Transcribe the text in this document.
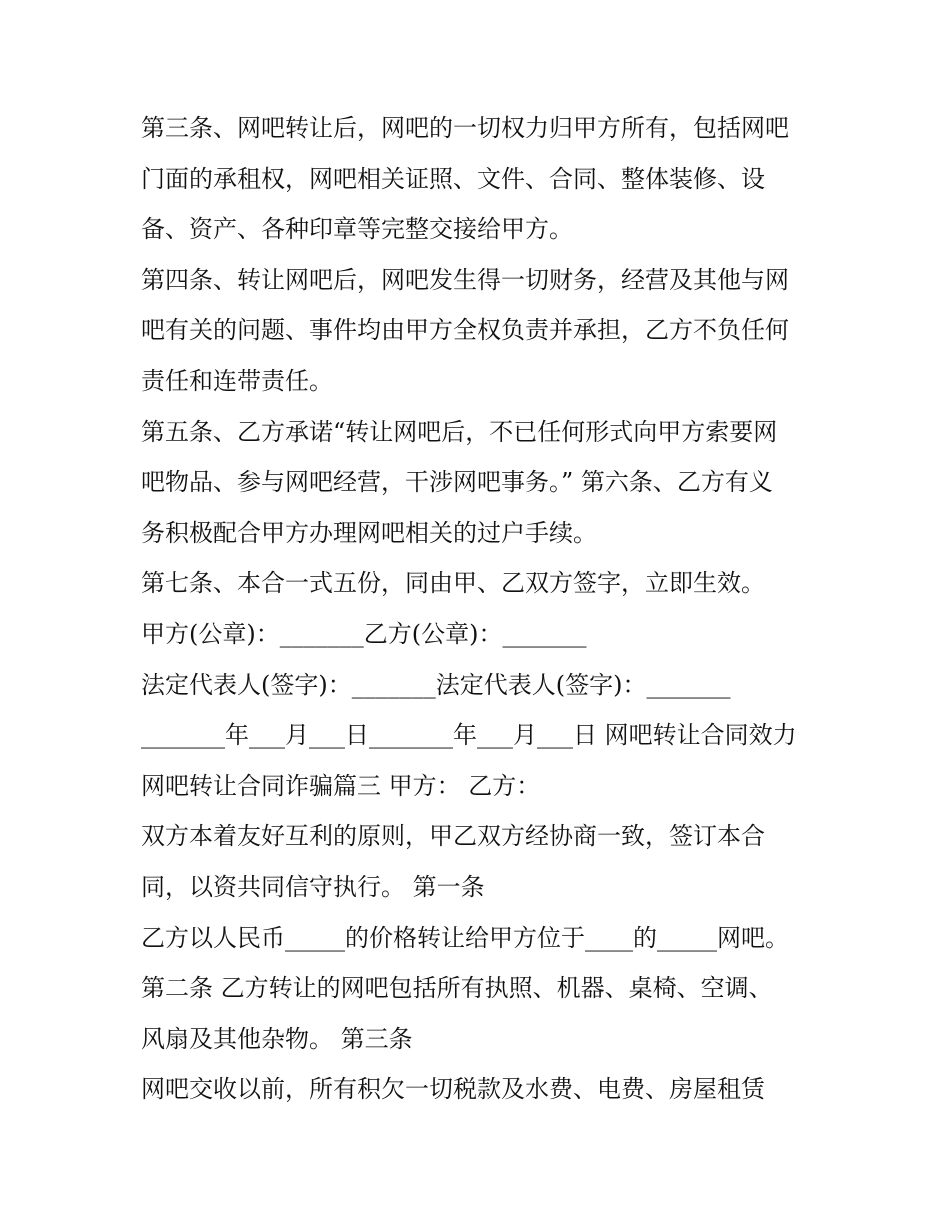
第三条、网吧转让后，网吧的一切权力归甲方所有，包括网吧
门面的承租权，网吧相关证照、文件、合同、整体装修、设
备、资产、各种印章等完整交接给甲方。
第四条、转让网吧后，网吧发生得一切财务，经营及其他与网
吧有关的问题、事件均由甲方全权负责并承担，乙方不负任何
责任和连带责任。
第五条、乙方承诺“转让网吧后，不已任何形式向甲方索要网
吧物品、参与网吧经营，干涉网吧事务。” 第六条、乙方有义
务积极配合甲方办理网吧相关的过户手续。
第七条、本合一式五份，同由甲、乙双方签字，立即生效。
甲方(公章)：_______乙方(公章)：_______
法定代表人(签字)：_______法定代表人(签字)：_______
_______年___月___日_______年___月___日 网吧转让合同效力
网吧转让合同诈骗篇三 甲方： 乙方：
双方本着友好互利的原则，甲乙双方经协商一致，签订本合
同，以资共同信守执行。 第一条
乙方以人民币_____的价格转让给甲方位于____的_____网吧。
第二条 乙方转让的网吧包括所有执照、机器、桌椅、空调、
风扇及其他杂物。 第三条
网吧交收以前，所有积欠一切税款及水费、电费、房屋租赁
